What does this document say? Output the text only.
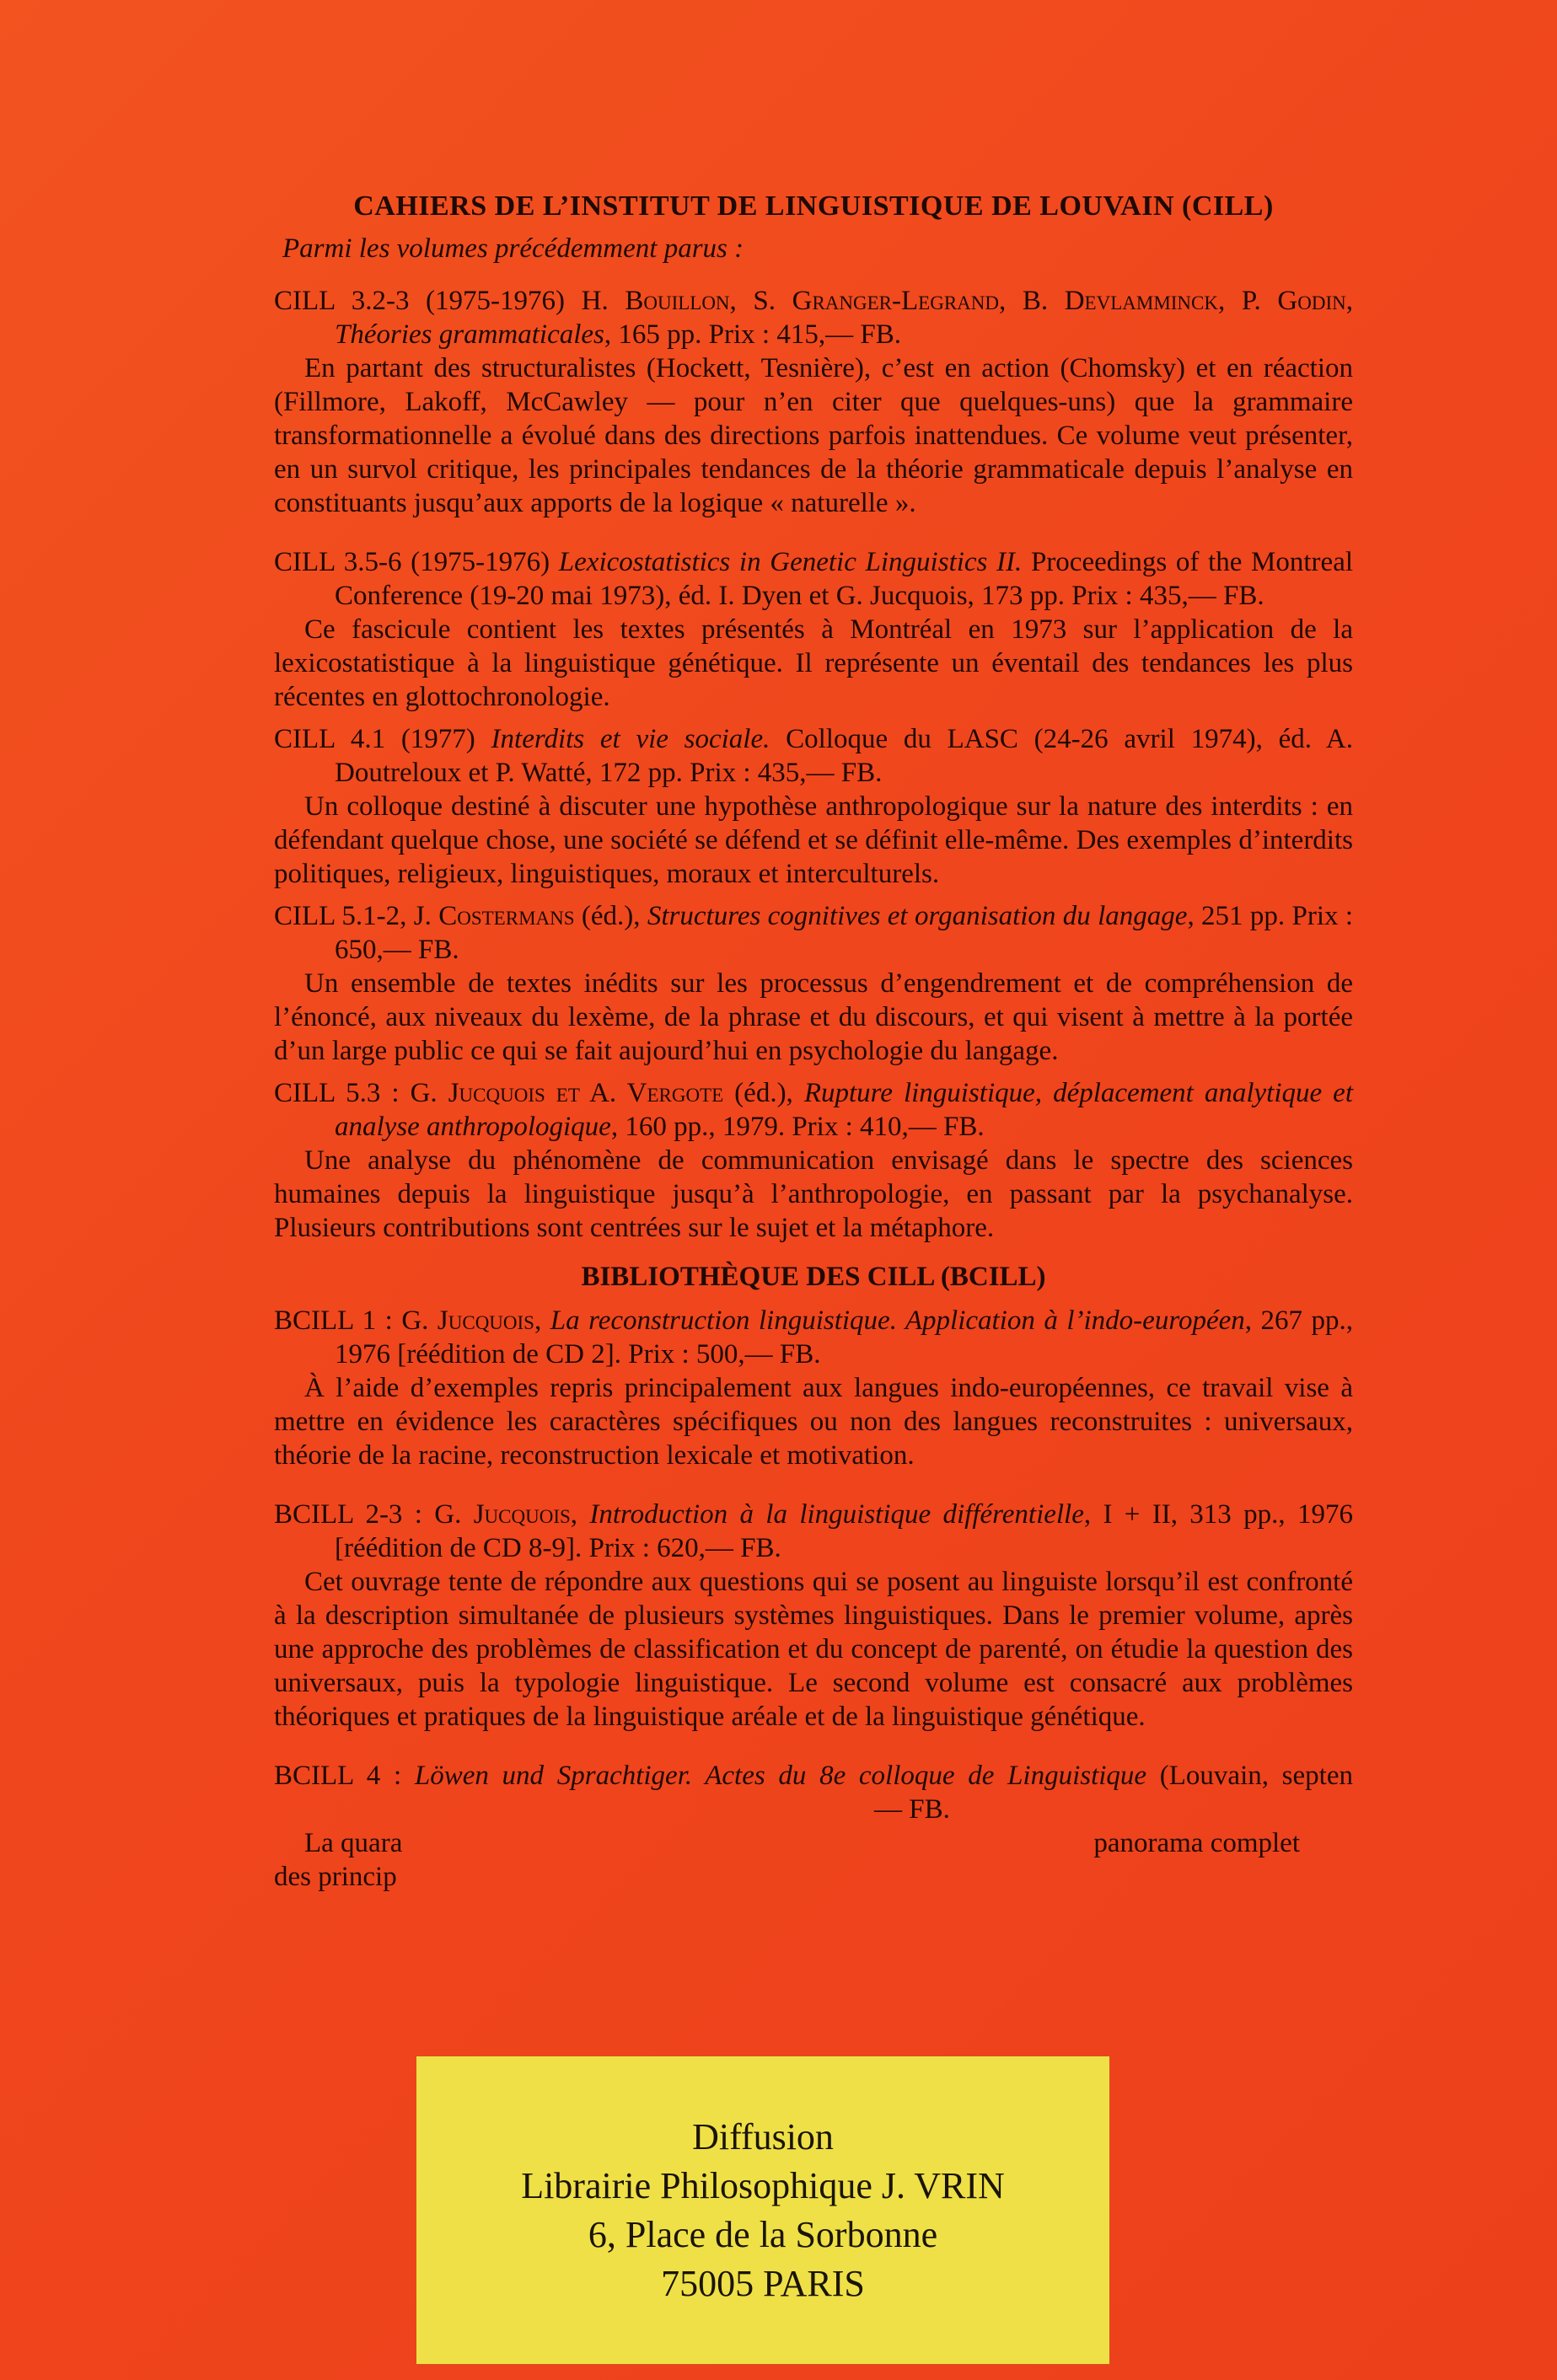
CAHIERS DE L’INSTITUT DE LINGUISTIQUE DE LOUVAIN (CILL)
Parmi les volumes précédemment parus :

CILL 3.2-3 (1975-1976) H. Bouillon, S. Granger-Legrand, B. Devlamminck, P. Godin, Théories grammaticales, 165 pp. Prix : 415,— FB.

En partant des structuralistes (Hockett, Tesnière), c’est en action (Chomsky) et en réaction (Fillmore, Lakoff, McCawley — pour n’en citer que quelques-uns) que la grammaire transformationnelle a évolué dans des directions parfois inattendues. Ce volume veut présenter, en un survol critique, les principales tendances de la théorie grammaticale depuis l’analyse en constituants jusqu’aux apports de la logique « naturelle ».

CILL 3.5-6 (1975-1976) Lexicostatistics in Genetic Linguistics II. Proceedings of the Montreal Conference (19-20 mai 1973), éd. I. Dyen et G. Jucquois, 173 pp. Prix : 435,— FB.

Ce fascicule contient les textes présentés à Montréal en 1973 sur l’application de la lexicostatistique à la linguistique génétique. Il représente un éventail des tendances les plus récentes en glottochronologie.

CILL 4.1 (1977) Interdits et vie sociale. Colloque du LASC (24-26 avril 1974), éd. A. Doutreloux et P. Watté, 172 pp. Prix : 435,— FB.

Un colloque destiné à discuter une hypothèse anthropologique sur la nature des interdits : en défendant quelque chose, une société se défend et se définit elle-même. Des exemples d’interdits politiques, religieux, linguistiques, moraux et interculturels.

CILL 5.1-2, J. Costermans (éd.), Structures cognitives et organisation du langage, 251 pp. Prix : 650,— FB.

Un ensemble de textes inédits sur les processus d’engendrement et de compréhension de l’énoncé, aux niveaux du lexème, de la phrase et du discours, et qui visent à mettre à la portée d’un large public ce qui se fait aujourd’hui en psychologie du langage.

CILL 5.3 : G. Jucquois et A. Vergote (éd.), Rupture linguistique, déplacement analytique et analyse anthropologique, 160 pp., 1979. Prix : 410,— FB.

Une analyse du phénomène de communication envisagé dans le spectre des sciences humaines depuis la linguistique jusqu’à l’anthropologie, en passant par la psychanalyse. Plusieurs contributions sont centrées sur le sujet et la métaphore.

BIBLIOTHÈQUE DES CILL (BCILL)

BCILL 1 : G. Jucquois, La reconstruction linguistique. Application à l’indo-européen, 267 pp., 1976 [réédition de CD 2]. Prix : 500,— FB.

À l’aide d’exemples repris principalement aux langues indo-européennes, ce travail vise à mettre en évidence les caractères spécifiques ou non des langues reconstruites : universaux, théorie de la racine, reconstruction lexicale et motivation.

BCILL 2-3 : G. Jucquois, Introduction à la linguistique différentielle, I + II, 313 pp., 1976 [réédition de CD 8-9]. Prix : 620,— FB.

Cet ouvrage tente de répondre aux questions qui se posent au linguiste lorsqu’il est confronté à la description simultanée de plusieurs systèmes linguistiques. Dans le premier volume, après une approche des problèmes de classification et du concept de parenté, on étudie la question des universaux, puis la typologie linguistique. Le second volume est consacré aux problèmes théoriques et pratiques de la linguistique aréale et de la linguistique génétique.

BCILL 4 : Löwen und Sprachtiger. Actes du 8e colloque de Linguistique (Louvain, septen— FB.

La quara	panorama complet

des princip

Diffusion
Librairie Philosophique J. VRIN
6, Place de la Sorbonne
75005 PARIS
